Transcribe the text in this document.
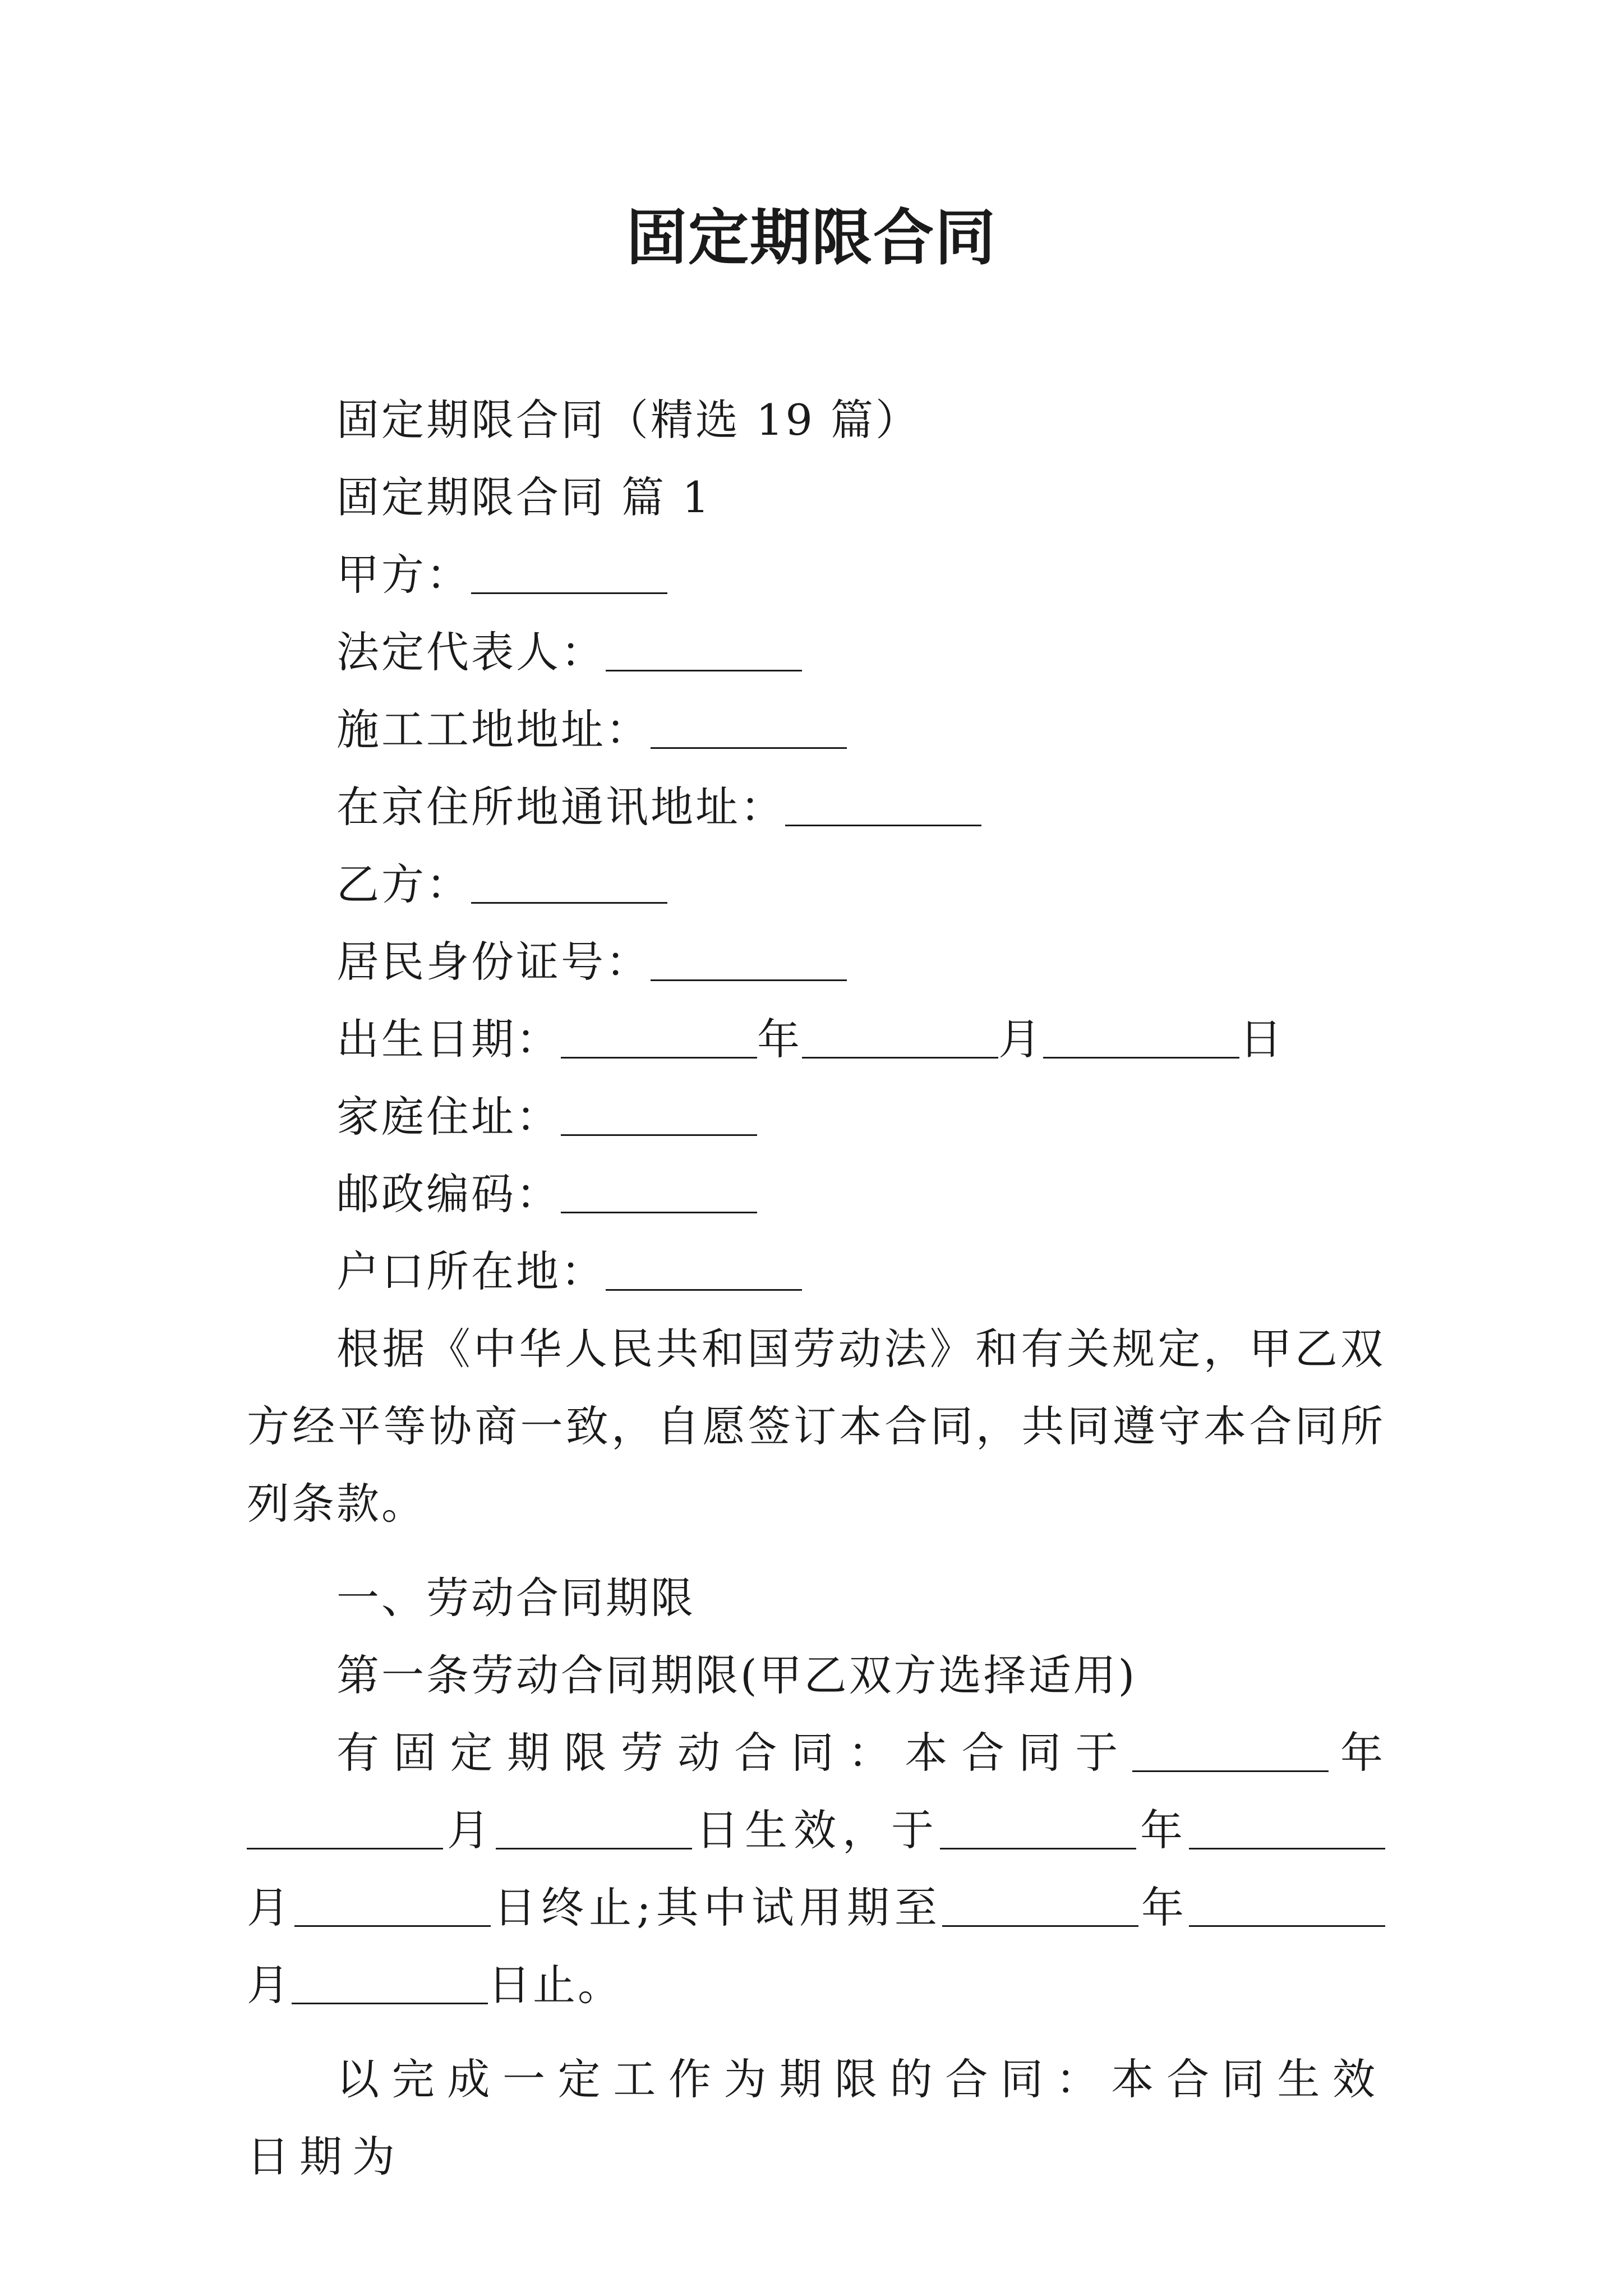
固定期限合同
固定期限合同（精选 19 篇）
固定期限合同 篇 1
甲方：
法定代表人：
施工工地地址：
在京住所地通讯地址：
乙方：
居民身份证号：
出生日期：	年	月	日
家庭住址：
邮政编码：
户口所在地：
根据《中华人民共和国劳动法》和有关规定，甲乙双方经平等协商一致，自愿签订本合同，共同遵守本合同所列条款。
一、劳动合同期限
第一条劳动合同期限(甲乙双方选择适用)
有固定期限劳动合同：本合同于	年月	日生效，于	年月	日终止;其中试用期至	年月	日止。
以完成一定工作为期限的合同：本合同生效日期为
